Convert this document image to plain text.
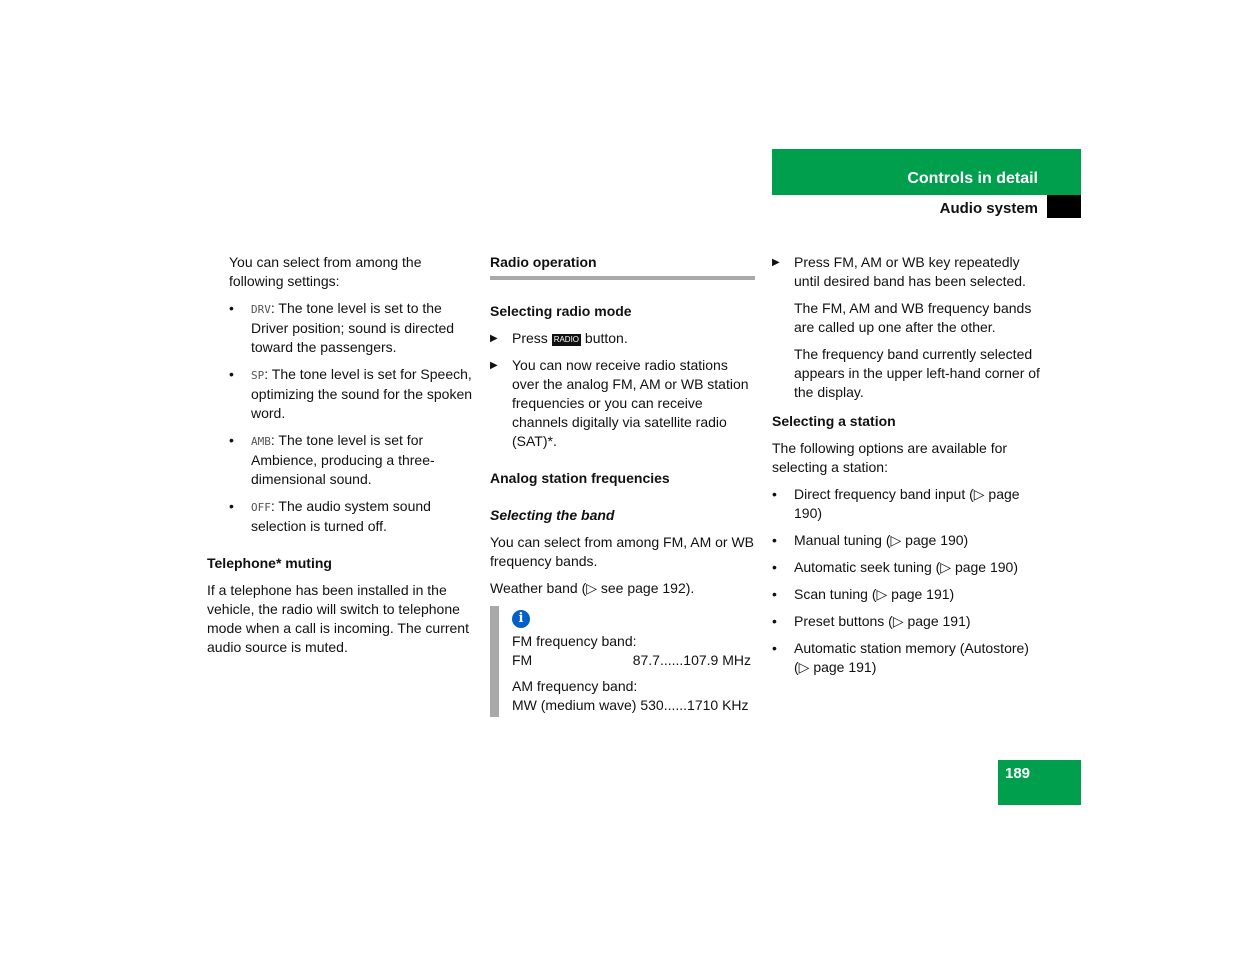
Controls in detail
Audio system

You can select from among the following settings:

• DRV: The tone level is set to the Driver position; sound is directed toward the passengers.
• SP: The tone level is set for Speech, optimizing the sound for the spoken word.
• AMB: The tone level is set for Ambience, producing a three-dimensional sound.
• OFF: The audio system sound selection is turned off.
Telephone* muting

If a telephone has been installed in the vehicle, the radio will switch to telephone mode when a call is incoming. The current audio source is muted.

Radio operation
Selecting radio mode
▶ Press RADIO button.
▶ You can now receive radio stations over the analog FM, AM or WB station frequencies or you can receive channels digitally via satellite radio (SAT)*.
Analog station frequencies
Selecting the band

You can select from among FM, AM or WB frequency bands.

Weather band (▷ see page 192).

i

FM frequency band:

FM	87.7......107.9 MHz

AM frequency band:

MW (medium wave) 530......1710 KHz

▶ Press FM, AM or WB key repeatedly until desired band has been selected.

The FM, AM and WB frequency bands are called up one after the other.

The frequency band currently selected appears in the upper left-hand corner of the display.

Selecting a station

The following options are available for selecting a station:

• Direct frequency band input (▷ page 190)
• Manual tuning (▷ page 190)
• Automatic seek tuning (▷ page 190)
• Scan tuning (▷ page 191)
• Preset buttons (▷ page 191)
• Automatic station memory (Autostore) (▷ page 191)
189
